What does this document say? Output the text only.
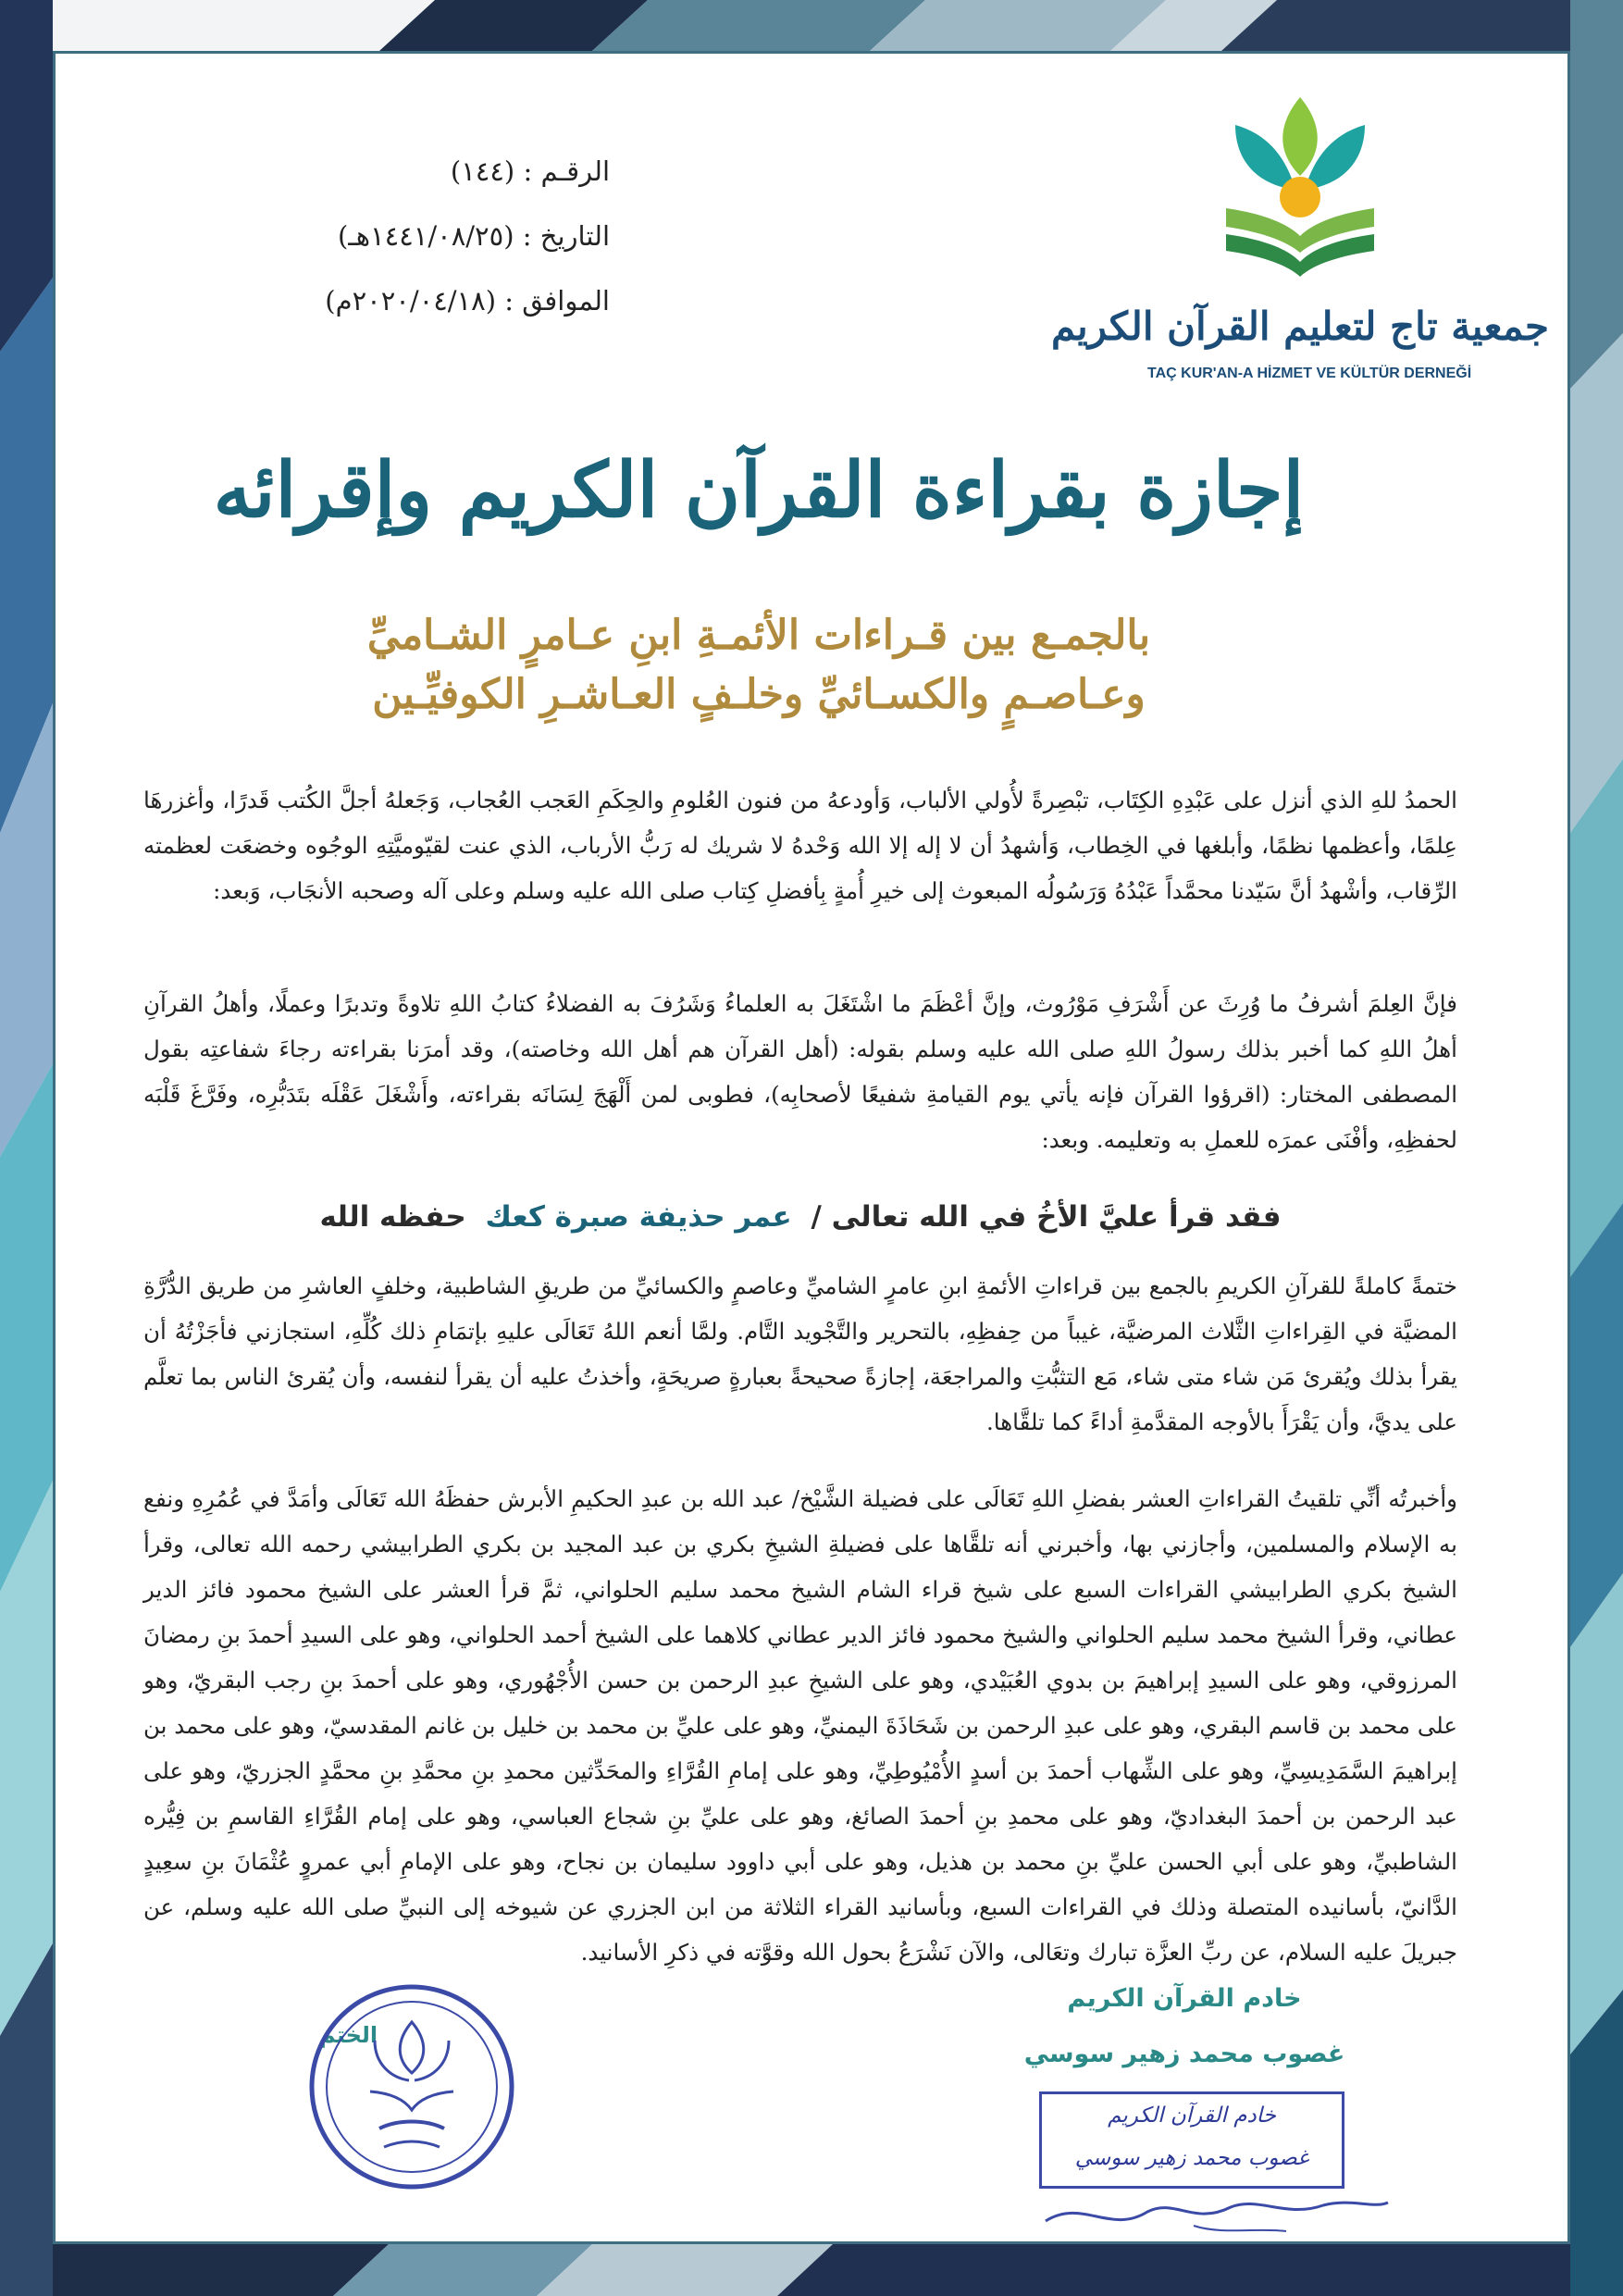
الرقـم : (١٤٤)
التاريخ : (١٤٤١/٠٨/٢٥هـ)
الموافق : (٢٠٢٠/٠٤/١٨م)
جمعية تاج لتعليم القرآن الكريم
TAÇ KUR'AN-A HİZMET VE KÜLTÜR DERNEĞİ
إجازة بقراءة القرآن الكريم وإقرائه
بالجمـع بين قـراءات الأئمـةِ ابنِ عـامرٍ الشـاميِّ
وعـاصـمٍ والكسـائيِّ وخلـفٍ العـاشـرِ الكوفيِّـين
الحمدُ للهِ الذي أنزل على عَبْدِهِ الكِتَاب، تبْصِرةً لأُولي الألباب، وَأودعهُ من فنون العُلومِ والحِكَمِ العَجب العُجاب، وَجَعلهُ أجلَّ الكُتب قَدرًا، وأغزرهَا عِلمًا، وأعظمها نظمًا، وأبلغها في الخِطاب، وَأشهدُ أن لا إله إلا الله وَحْدهُ لا شريك له رَبُّ الأرباب، الذي عنت لقيّوميَّتِهِ الوجُوه وخضعَت لعظمته الرِّقاب، وأشْهدُ أنَّ سَيّدنا محمَّداً عَبْدُهُ وَرَسُولُه المبعوث إلى خيرِ أُمةٍ بِأفضلِ كِتاب صلى الله عليه وسلم وعلى آله وصحبه الأنجَاب، وَبعد:
فإنَّ العِلمَ أشرفُ ما وُرِثَ عن أَشْرَفِ مَوْرُوث، وإنَّ أعْظَمَ ما اشْتَغَلَ به العلماءُ وَشَرُفَ به الفضلاءُ كتابُ اللهِ تلاوةً وتدبرًا وعملًا، وأهلُ القرآنِ أهلُ اللهِ كما أخبر بذلك رسولُ اللهِ صلى الله عليه وسلم بقوله: (أهل القرآن هم أهل الله وخاصته)، وقد أمرَنا بقراءته رجاءَ شفاعتِه بقول المصطفى المختار: (اقرؤوا القرآن فإنه يأتي يوم القيامةِ شفيعًا لأصحابِه)، فطوبى لمن أَلْهَجَ لِسَانَه بقراءته، وأَشْغَلَ عَقْلَه بتَدَبُّرِه، وفَرَّغَ قَلْبَه لحفظِهِ، وأفْنَى عمرَه للعملِ به وتعليمه. وبعد:
فقد قرأ عليَّ الأخُ في الله تعالى / عمر حذيفة صبرة كعك حفظه الله
ختمةً كاملةً للقرآنِ الكريمِ بالجمع بين قراءاتِ الأئمةِ ابنِ عامرٍ الشاميِّ وعاصمٍ والكسائيِّ من طريقِ الشاطبية، وخلفٍ العاشرِ من طريق الدُّرَّةِ المضيَّة في القِراءاتِ الثَّلاث المرضيَّة، غيباً من حِفظِهِ، بالتحرير والتَّجْويد التَّام. ولمَّا أنعم اللهُ تَعَالَى عليهِ بإتمَامِ ذلك كُلِّهِ، استجازني فأجَزْتُهُ أن يقرأ بذلك ويُقرئ مَن شاء متى شاء، مَع التثبُّتِ والمراجعَة، إجازةً صحيحةً بعبارةٍ صريحَةٍ، وأخذتُ عليه أن يقرأ لنفسه، وأن يُقرئ الناس بما تعلَّم على يديَّ، وأن يَقْرَأَ بالأوجه المقدَّمةِ أداءً كما تلقَّاها.
وأخبرتُه أنِّي تلقيتُ القراءاتِ العشر بفضلِ اللهِ تَعَالَى على فضيلة الشَّيْخ/ عبد الله بن عبدِ الحكيمِ الأبرش حفظَهُ الله تَعَالَى وأمَدَّ في عُمُرِهِ ونفع به الإسلام والمسلمين، وأجازني بها، وأخبرني أنه تلقَّاها على فضيلةِ الشيخِ بكري بن عبد المجيد بن بكري الطرابيشي رحمه الله تعالى، وقرأ الشيخ بكري الطرابيشي القراءات السبع على شيخ قراء الشام الشيخ محمد سليم الحلواني، ثمَّ قرأ العشر على الشيخ محمود فائز الدير عطاني، وقرأ الشيخ محمد سليم الحلواني والشيخ محمود فائز الدير عطاني كلاهما على الشيخ أحمد الحلواني، وهو على السيدِ أحمدَ بنِ رمضانَ المرزوقي، وهو على السيدِ إبراهيمَ بن بدوي العُبَيْدي، وهو على الشيخِ عبدِ الرحمن بن حسن الأُجْهُوري، وهو على أحمدَ بنِ رجب البقريّ، وهو على محمد بن قاسم البقري، وهو على عبدِ الرحمن بن شَحَاذَةَ اليمنيِّ، وهو على عليِّ بن محمد بن خليل بن غانم المقدسيّ، وهو على محمد بن إبراهيمَ السَّمَدِيسِيِّ، وهو على الشِّهاب أحمدَ بن أسدٍ الأُمْيُوطِيِّ، وهو على إمامِ القُرَّاءِ والمحَدِّثين محمدِ بنِ محمَّدِ بنِ محمَّدٍ الجزريّ، وهو على عبد الرحمن بن أحمدَ البغداديّ، وهو على محمدِ بنِ أحمدَ الصائغ، وهو على عليِّ بنِ شجاع العباسي، وهو على إمام القُرَّاءِ القاسمِ بن فِيُّره الشاطبيِّ، وهو على أبي الحسن عليِّ بنِ محمد بن هذيل، وهو على أبي داوود سليمان بن نجاح، وهو على الإمامِ أبي عمروٍ عُثْمَانَ بنِ سعِيدٍ الدَّانيّ، بأسانيده المتصلة وذلك في القراءات السبع، وبأسانيد القراء الثلاثة من ابن الجزري عن شيوخه إلى النبيِّ صلى الله عليه وسلم، عن جبريلَ عليه السلام، عن ربِّ العزَّة تبارك وتعَالى، والآن نَشْرَعُ بحول الله وقوَّته في ذكرِ الأسانيد.
خادم القرآن الكريم
غصوب محمد زهير سوسي
خادم القرآن الكريم
غصوب محمد زهير سوسي
الختم
